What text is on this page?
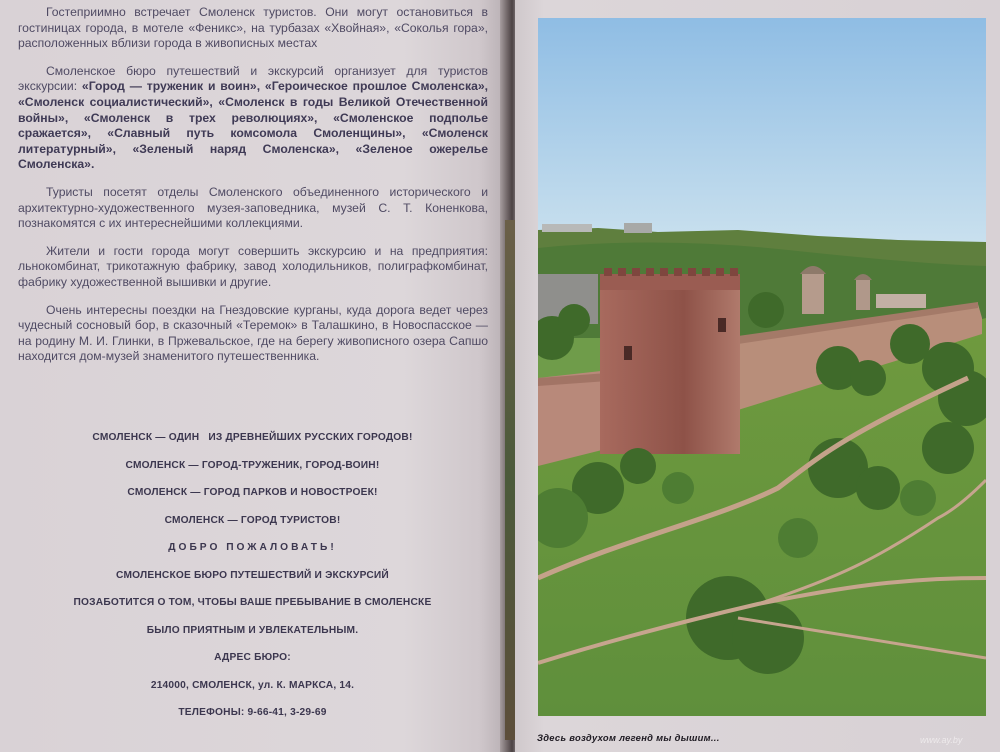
Гостеприимно встречает Смоленск туристов. Они могут остановиться в гостиницах города, в мотеле «Феникс», на турбазах «Хвойная», «Соколья гора», расположенных вблизи города в живописных местах

Смоленское бюро путешествий и экскурсий организует для туристов экскурсии: «Город — труженик и воин», «Героическое прошлое Смоленска», «Смоленск социалистический», «Смоленск в годы Великой Отечественной войны», «Смоленск в трех революциях», «Смоленское подполье сражается», «Славный путь комсомола Смоленщины», «Смоленск литературный», «Зеленый наряд Смоленска», «Зеленое ожерелье Смоленска».

Туристы посетят отделы Смоленского объединенного исторического и архитектурно-художественного музея-заповедника, музей С. Т. Коненкова, познакомятся с их интереснейшими коллекциями.

Жители и гости города могут совершить экскурсию и на предприятия: льнокомбинат, трикотажную фабрику, завод холодильников, полиграфкомбинат, фабрику художественной вышивки и другие.

Очень интересны поездки на Гнездовские курганы, куда дорога ведет через чудесный сосновый бор, в сказочный «Теремок» в Талашкино, в Новоспасское — на родину М. И. Глинки, в Пржевальское, где на берегу живописного озера Сапшо находится дом-музей знаменитого путешественника.

СМОЛЕНСК — ОДИН   ИЗ ДРЕВНЕЙШИХ РУССКИХ ГОРОДОВ!
СМОЛЕНСК — ГОРОД-ТРУЖЕНИК, ГОРОД-ВОИН!
СМОЛЕНСК — ГОРОД ПАРКОВ И НОВОСТРОЕК!
СМОЛЕНСК — ГОРОД ТУРИСТОВ!
ДОБРО ПОЖАЛОВАТЬ!
СМОЛЕНСКОЕ БЮРО ПУТЕШЕСТВИЙ И ЭКСКУРСИЙ
ПОЗАБОТИТСЯ О ТОМ, ЧТОБЫ ВАШЕ ПРЕБЫВАНИЕ В СМОЛЕНСКЕ
БЫЛО ПРИЯТНЫМ И УВЛЕКАТЕЛЬНЫМ.
АДРЕС БЮРО:
214000, СМОЛЕНСК, ул. К. МАРКСА, 14.
ТЕЛЕФОНЫ: 9-66-41, 3-29-69
Здесь воздухом легенд мы дышим...	www.ay.by
